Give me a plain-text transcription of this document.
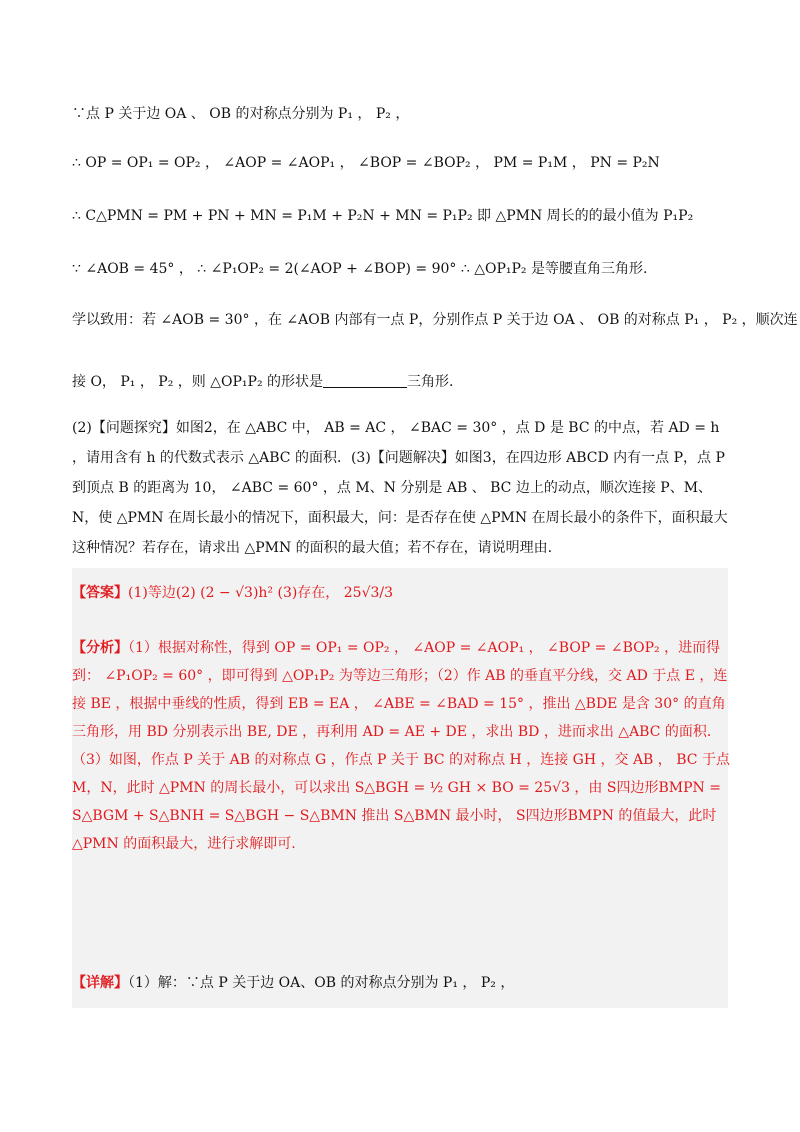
∵点 P 关于边 OA 、 OB 的对称点分别为 P₁ ， P₂ ，
∴ OP = OP₁ = OP₂ ， ∠AOP = ∠AOP₁ ， ∠BOP = ∠BOP₂ ， PM = P₁M ， PN = P₂N
∴ C△PMN = PM + PN + MN = P₁M + P₂N + MN = P₁P₂ 即 △PMN 周长的的最小值为 P₁P₂
∵ ∠AOB = 45° ， ∴ ∠P₁OP₂ = 2(∠AOP + ∠BOP) = 90° ∴ △OP₁P₂ 是等腰直角三角形.
学以致用：若 ∠AOB = 30° ，在 ∠AOB 内部有一点 P，分别作点 P 关于边 OA 、 OB 的对称点 P₁ ， P₂ ，顺次连
接 O， P₁ ， P₂ ，则 △OP₁P₂ 的形状是	三角形.
(2)【问题探究】如图2，在 △ABC 中， AB = AC ， ∠BAC = 30° ，点 D 是 BC 的中点，若 AD = h ，请用含有 h 的代数式表示 △ABC 的面积．(3)【问题解决】如图3，在四边形 ABCD 内有一点 P，点 P 到顶点 B 的距离为 10， ∠ABC = 60° ，点 M、N 分别是 AB 、 BC 边上的动点，顺次连接 P、M、N，使 △PMN 在周长最小的情况下，面积最大，问：是否存在使 △PMN 在周长最小的条件下，面积最大这种情况？若存在，请求出 △PMN 的面积的最大值；若不存在，请说明理由.
【答案】(1)等边(2) (2 − √3)h² (3)存在， 25√3/3
【分析】（1）根据对称性，得到 OP = OP₁ = OP₂ ， ∠AOP = ∠AOP₁ ， ∠BOP = ∠BOP₂ ，进而得到： ∠P₁OP₂ = 60° ，即可得到 △OP₁P₂ 为等边三角形；（2）作 AB 的垂直平分线，交 AD 于点 E ，连接 BE ，根据中垂线的性质，得到 EB = EA ， ∠ABE = ∠BAD = 15° ，推出 △BDE 是含 30° 的直角三角形，用 BD 分别表示出 BE, DE ，再利用 AD = AE + DE ，求出 BD ，进而求出 △ABC 的面积．（3）如图，作点 P 关于 AB 的对称点 G ，作点 P 关于 BC 的对称点 H ，连接 GH ，交 AB ， BC 于点 M，N，此时 △PMN 的周长最小，可以求出 S△BGH = ½ GH × BO = 25√3 ，由 S四边形BMPN = S△BGM + S△BNH = S△BGH − S△BMN 推出 S△BMN 最小时， S四边形BMPN 的值最大，此时 △PMN 的面积最大，进行求解即可.
【详解】（1）解：∵点 P 关于边 OA、OB 的对称点分别为 P₁ ， P₂ ，
